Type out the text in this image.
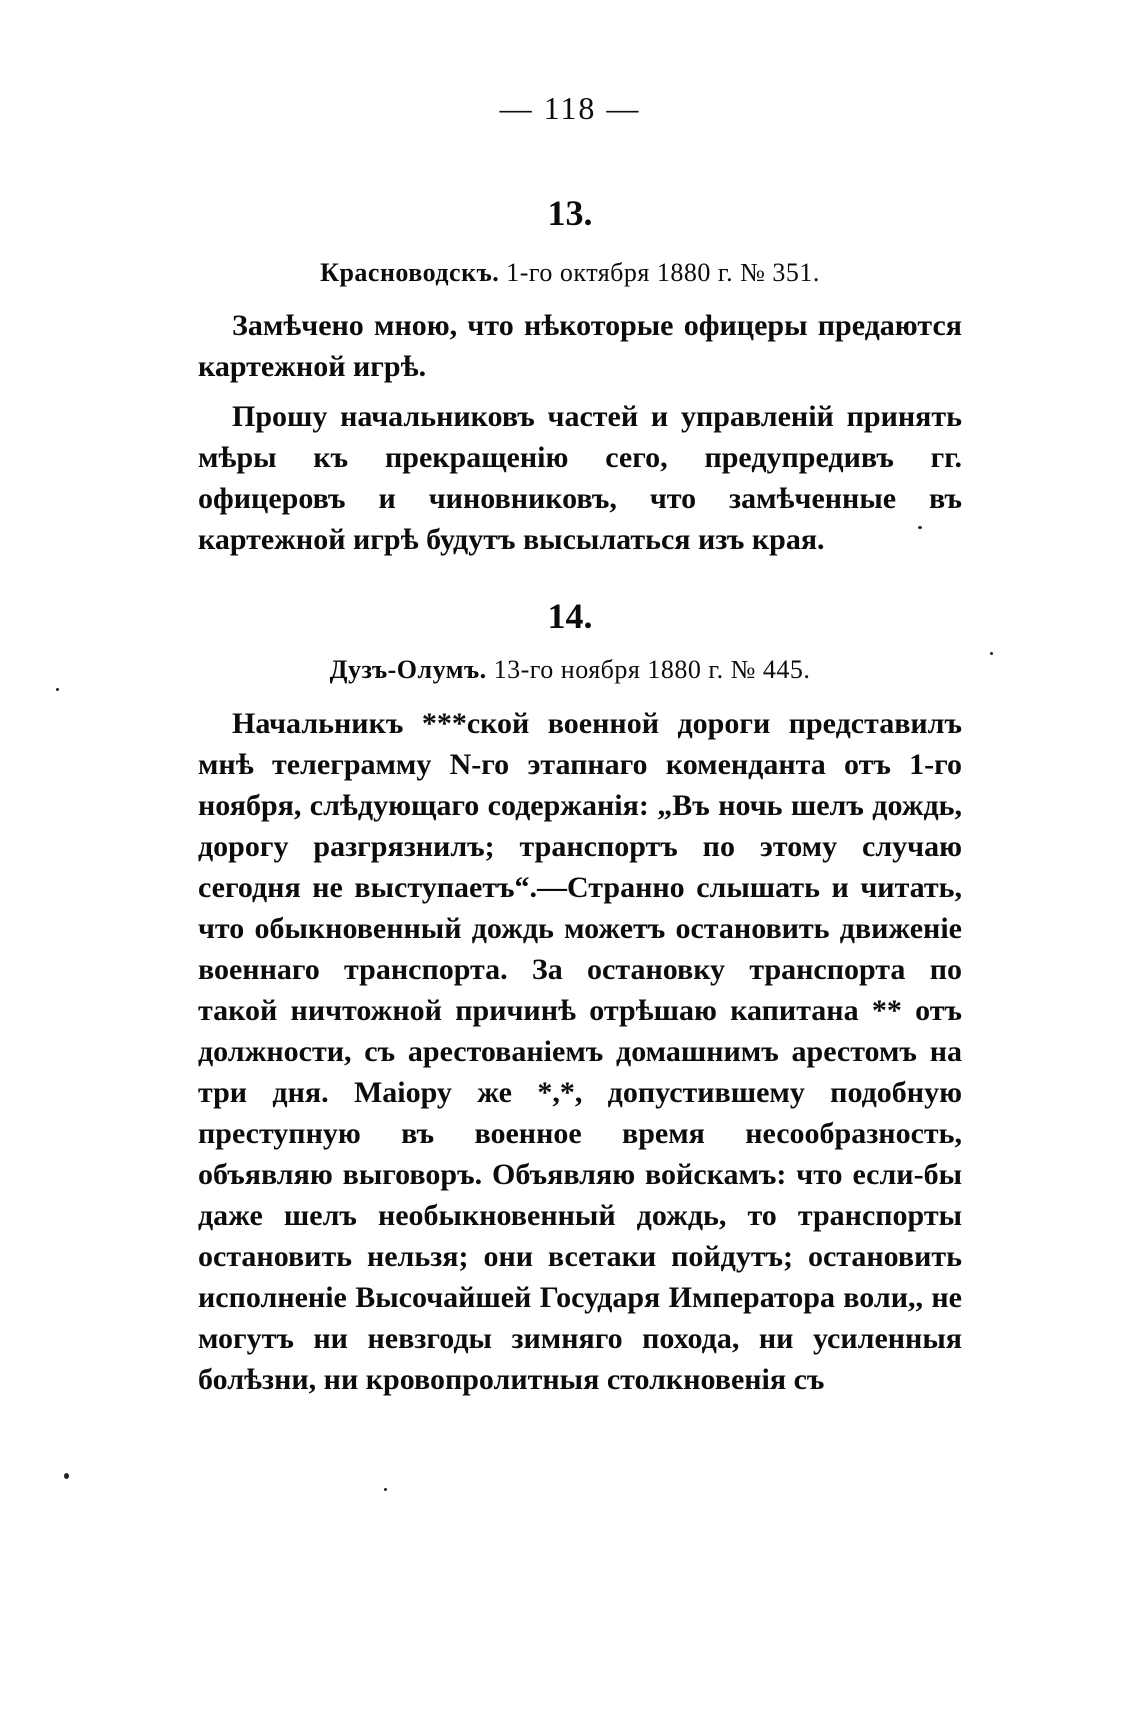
— 118 —
13.
Красноводскъ. 1-го октября 1880 г. № 351.

Замѣчено мною, что нѣкоторые офицеры предаются картежной игрѣ.

Прошу начальниковъ частей и управленій принять мѣры къ прекращенію сего, предупредивъ гг. офицеровъ и чиновниковъ, что замѣченные въ картежной игрѣ будутъ высылаться изъ края.

14.
Дузъ-Олумъ. 13-го ноября 1880 г. № 445.

Начальникъ ***ской военной дороги представилъ мнѣ телеграмму N-го этапнаго коменданта отъ 1-го ноября, слѣдующаго содержанія: „Въ ночь шелъ дождь, дорогу разгрязнилъ; транспортъ по этому случаю сегодня не выступаетъ“.—Странно слышать и читать, что обыкновенный дождь можетъ остановить движеніе военнаго транспорта. За остановку транспорта по такой ничтожной причинѣ отрѣшаю капитана ** отъ должности, съ арестованіемъ домашнимъ арестомъ на три дня. Маіору же *,*, допустившему подобную преступную въ военное время несообразность, объявляю выговоръ. Объявляю войскамъ: что если-бы даже шелъ необыкновенный дождь, то транспорты остановить нельзя; они всетаки пойдутъ; остановить исполненіе Высочайшей Государя Императора воли,, не могутъ ни невзгоды зимняго похода, ни усиленныя болѣзни, ни кровопролитныя столкновенія съ
